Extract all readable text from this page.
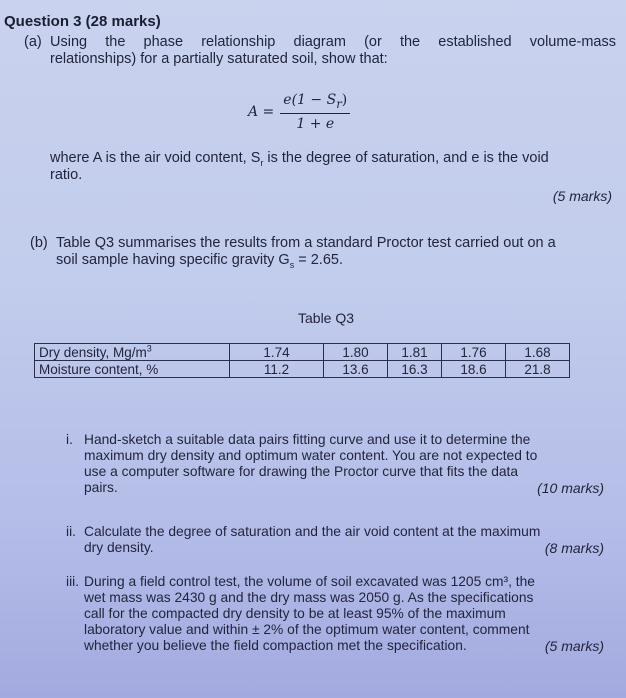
Question 3 (28 marks)
(a) Using the phase relationship diagram (or the established volume-mass
relationships) for a partially saturated soil, show that:
$A = \frac{e(1 - S_r)}{1 + e}$
where A is the air void content, $S_r$ is the degree of saturation, and e is the void
ratio.
(5 marks)
(b) Table Q3 summarises the results from a standard Proctor test carried out on a
soil sample having specific gravity $G_s = 2.65$.
Table Q3
Dry density, $Mg/m^3$	1.74	1.80	1.81	1.76	1.68
Moisture content, %	11.2	13.6	16.3	18.6	21.8
i. Hand-sketch a suitable data pairs fitting curve and use it to determine the
maximum dry density and optimum water content. You are not expected to
use a computer software for drawing the Proctor curve that fits the data
pairs.	(10 marks)
ii. Calculate the degree of saturation and the air void content at the maximum
dry density.	(8 marks)
iii. During a field control test, the volume of soil excavated was 1205 cm³, the
wet mass was 2430 g and the dry mass was 2050 g. As the specifications
call for the compacted dry density to be at least 95% of the maximum
laboratory value and within ± 2% of the optimum water content, comment
whether you believe the field compaction met the specification.	(5 marks)
